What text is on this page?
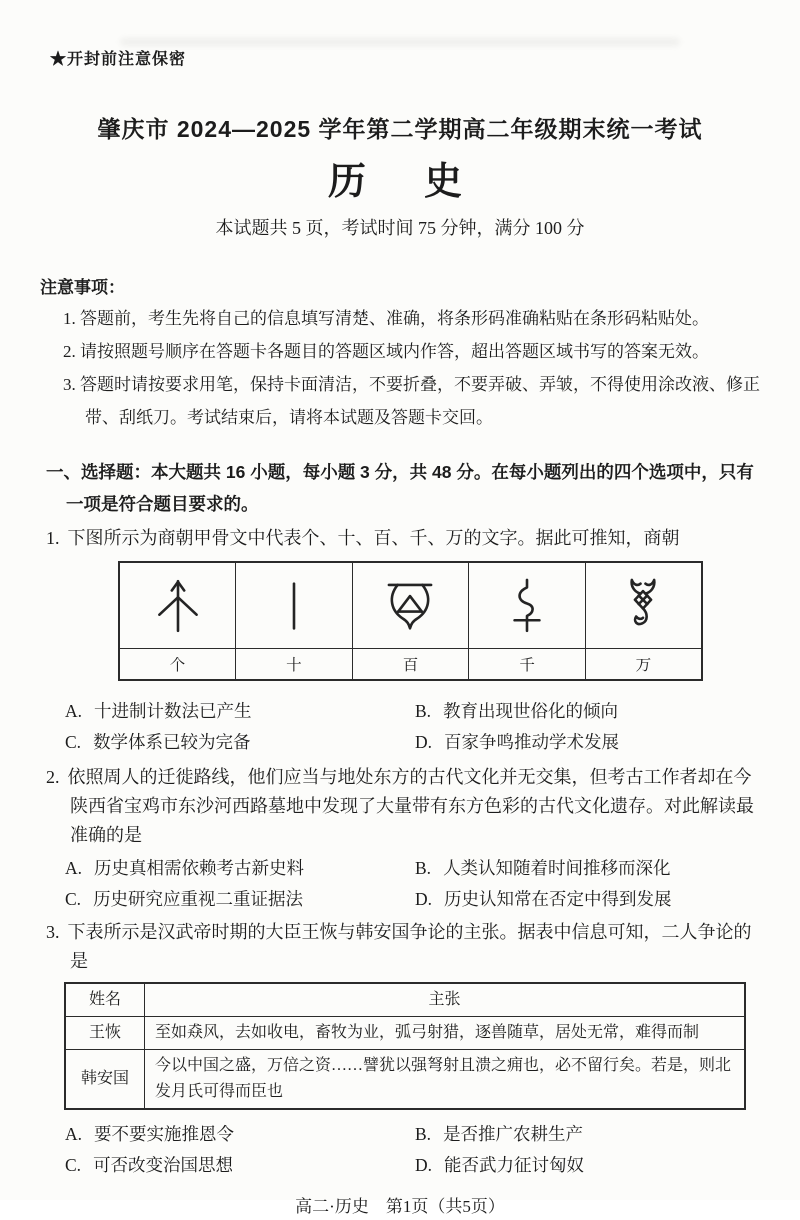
★开封前注意保密
肇庆市 2024—2025 学年第二学期高二年级期末统一考试
历　史
本试题共 5 页，考试时间 75 分钟，满分 100 分
注意事项：
1. 答题前，考生先将自己的信息填写清楚、准确，将条形码准确粘贴在条形码粘贴处。
2. 请按照题号顺序在答题卡各题目的答题区域内作答，超出答题区域书写的答案无效。
3. 答题时请按要求用笔，保持卡面清洁，不要折叠，不要弄破、弄皱，不得使用涂改液、修正带、刮纸刀。考试结束后，请将本试题及答题卡交回。
一、选择题：本大题共 16 小题，每小题 3 分，共 48 分。在每小题列出的四个选项中，只有一项是符合题目要求的。
1. 下图所示为商朝甲骨文中代表个、十、百、千、万的文字。据此可推知，商朝

个	十	百	千	万
A. 十进制计数法已产生	B. 教育出现世俗化的倾向
C. 数学体系已较为完备	D. 百家争鸣推动学术发展
2. 依照周人的迁徙路线，他们应当与地处东方的古代文化并无交集，但考古工作者却在今陕西省宝鸡市东沙河西路墓地中发现了大量带有东方色彩的古代文化遗存。对此解读最准确的是
A. 历史真相需依赖考古新史料	B. 人类认知随着时间推移而深化
C. 历史研究应重视二重证据法	D. 历史认知常在否定中得到发展
3. 下表所示是汉武帝时期的大臣王恢与韩安国争论的主张。据表中信息可知，二人争论的是
姓名	主张
王恢	至如猋风，去如收电，畜牧为业，弧弓射猎，逐兽随草，居处无常，难得而制
韩安国	今以中国之盛，万倍之资……譬犹以强弩射且溃之痈也，必不留行矣。若是，则北发月氏可得而臣也
A. 要不要实施推恩令	B. 是否推广农耕生产
C. 可否改变治国思想	D. 能否武力征讨匈奴
高二·历史　第1页（共5页）
